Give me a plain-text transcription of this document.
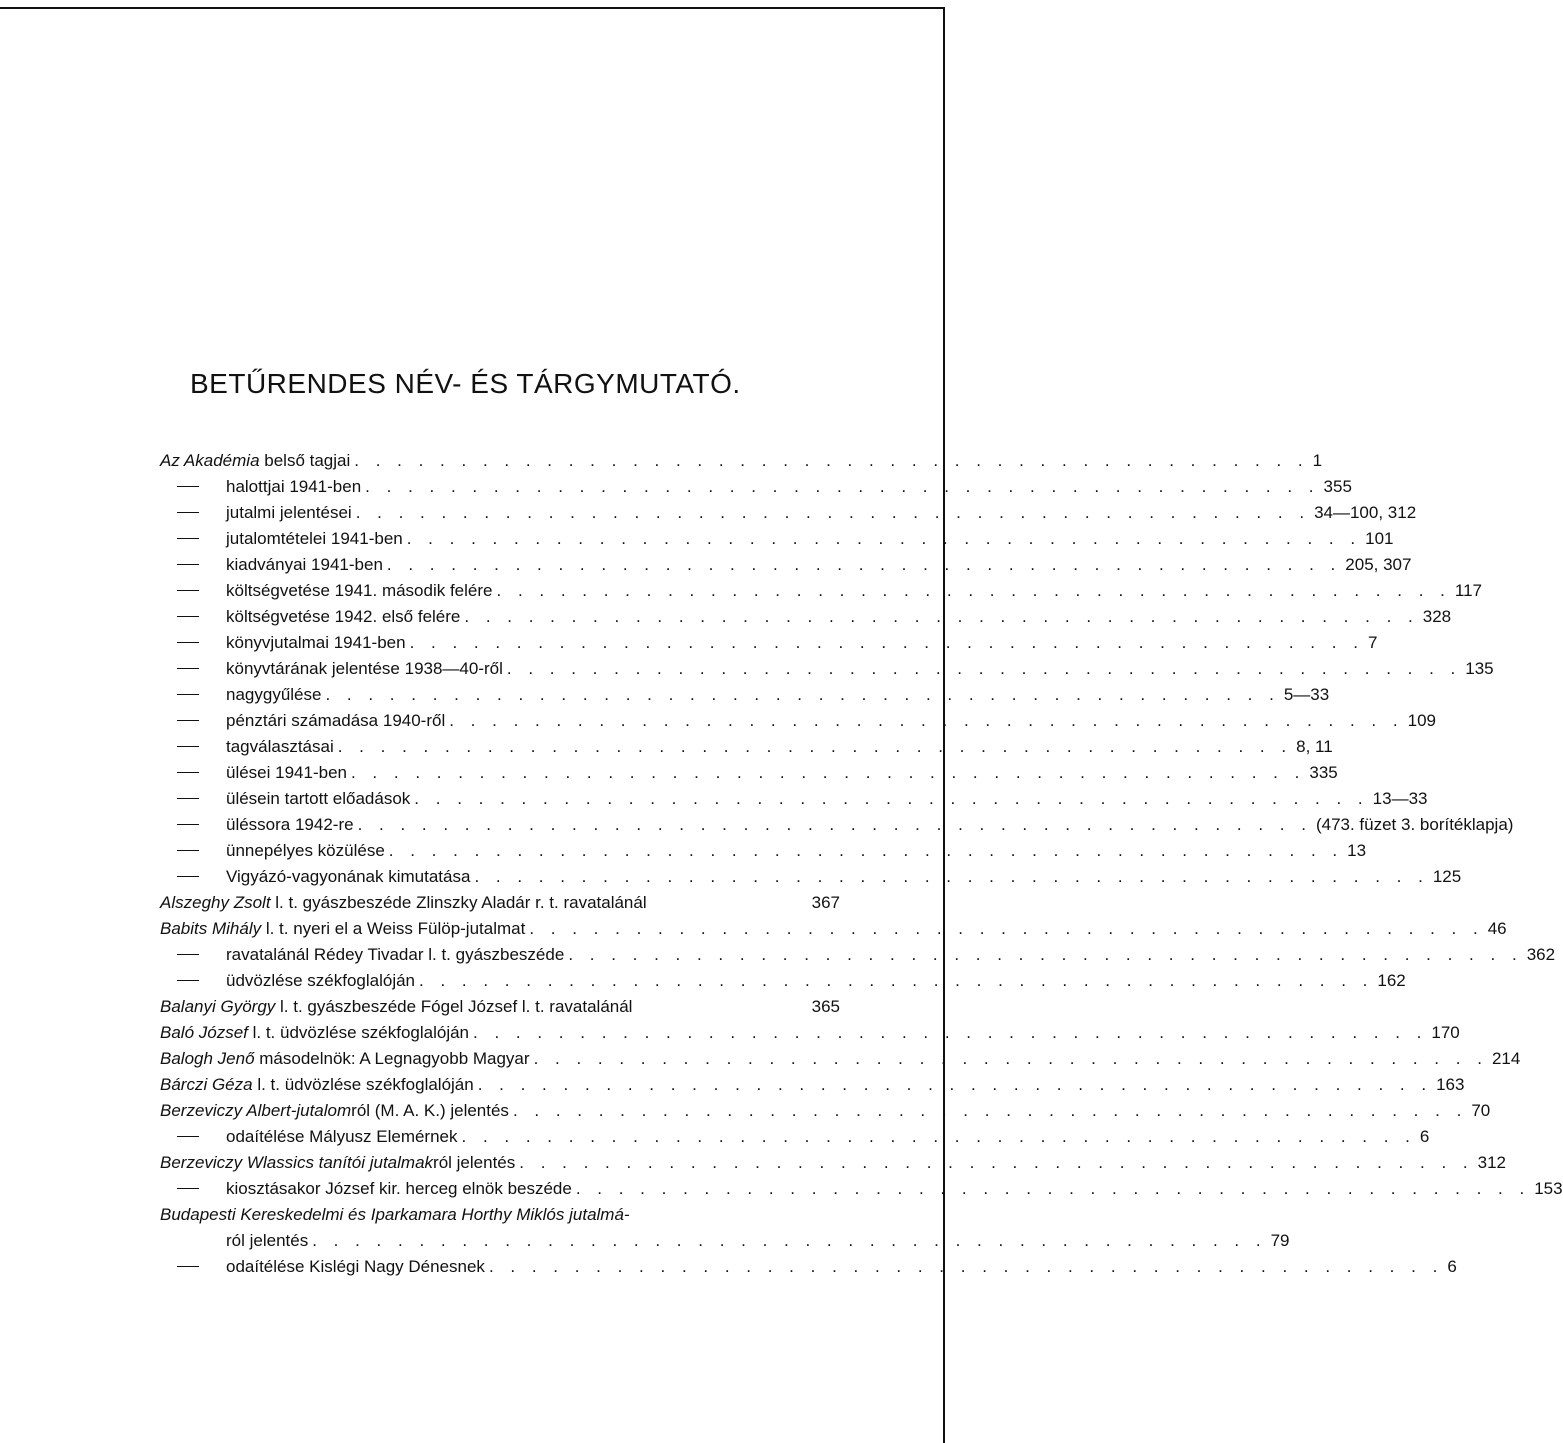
BETŰRENDES NÉV- ÉS TÁRGYMUTATÓ.
Az Akadémia belső tagjai . . . . . . . . . . . . . . . . . . . . . . . . . . . . . . . . . . . . . . . . . . . . . 1
halottjai 1941-ben . . . . . . . . . . . . . . . . . . . . . . . . . . . . . . . . . . . . . . . . . . . . . 355
jutalmi jelentései . . . . . . . . . . . . . . . . . . . . . . . . . . . . . . . . . . . . . . . . . . . . . 34—100, 312
jutalomtételei 1941-ben . . . . . . . . . . . . . . . . . . . . . . . . . . . . . . . . . . . . . . . . . . . . . 101
kiadványai 1941-ben . . . . . . . . . . . . . . . . . . . . . . . . . . . . . . . . . . . . . . . . . . . . . 205, 307
költségvetése 1941. második felére . . . . . . . . . . . . . . . . . . . . . . . . . . . . . . . . . . . . . . . . . . . . . 117
költségvetése 1942. első felére . . . . . . . . . . . . . . . . . . . . . . . . . . . . . . . . . . . . . . . . . . . . . 328
könyvjutalmai 1941-ben . . . . . . . . . . . . . . . . . . . . . . . . . . . . . . . . . . . . . . . . . . . . . 7
könyvtárának jelentése 1938—40-ről . . . . . . . . . . . . . . . . . . . . . . . . . . . . . . . . . . . . . . . . . . . . . 135
nagygyűlése . . . . . . . . . . . . . . . . . . . . . . . . . . . . . . . . . . . . . . . . . . . . . 5—33
pénztári számadása 1940-ről . . . . . . . . . . . . . . . . . . . . . . . . . . . . . . . . . . . . . . . . . . . . . 109
tagválasztásai . . . . . . . . . . . . . . . . . . . . . . . . . . . . . . . . . . . . . . . . . . . . . 8, 11
ülései 1941-ben . . . . . . . . . . . . . . . . . . . . . . . . . . . . . . . . . . . . . . . . . . . . . 335
ülésein tartott előadások . . . . . . . . . . . . . . . . . . . . . . . . . . . . . . . . . . . . . . . . . . . . . 13—33
üléssora 1942-re . . . . . . . . . . . . . . . . . . . . . . . . . . . . . . . . . . . . . . . . . . . . . (473. füzet 3. borítéklapja)
ünnepélyes közülése . . . . . . . . . . . . . . . . . . . . . . . . . . . . . . . . . . . . . . . . . . . . . 13
Vigyázó-vagyonának kimutatása . . . . . . . . . . . . . . . . . . . . . . . . . . . . . . . . . . . . . . . . . . . . . 125
Alszeghy Zsolt l. t. gyászbeszéde Zlinszky Aladár r. t. ravatalánál	367
Babits Mihály l. t. nyeri el a Weiss Fülöp-jutalmat . . . . . . . . . . . . . . . . . . . . . . . . . . . . . . . . . . . . . . . . . . . . . 46
ravatalánál Rédey Tivadar l. t. gyászbeszéde . . . . . . . . . . . . . . . . . . . . . . . . . . . . . . . . . . . . . . . . . . . . . 362
üdvözlése székfoglalóján . . . . . . . . . . . . . . . . . . . . . . . . . . . . . . . . . . . . . . . . . . . . . 162
Balanyi György l. t. gyászbeszéde Fógel József l. t. ravatalánál	365
Baló József l. t. üdvözlése székfoglalóján . . . . . . . . . . . . . . . . . . . . . . . . . . . . . . . . . . . . . . . . . . . . . 170
Balogh Jenő másodelnök: A Legnagyobb Magyar . . . . . . . . . . . . . . . . . . . . . . . . . . . . . . . . . . . . . . . . . . . . . 214
Bárczi Géza l. t. üdvözlése székfoglalóján . . . . . . . . . . . . . . . . . . . . . . . . . . . . . . . . . . . . . . . . . . . . . 163
Berzeviczy Albert-jutalom ról (M. A. K.) jelentés . . . . . . . . . . . . . . . . . . . . . . . . . . . . . . . . . . . . . . . . . . . . . 70
odaítélése Mályusz Elemérnek . . . . . . . . . . . . . . . . . . . . . . . . . . . . . . . . . . . . . . . . . . . . . 6
Berzeviczy Wlassics tanítói jutalmak ról jelentés . . . . . . . . . . . . . . . . . . . . . . . . . . . . . . . . . . . . . . . . . . . . . 312
kiosztásakor József kir. herceg elnök beszéde . . . . . . . . . . . . . . . . . . . . . . . . . . . . . . . . . . . . . . . . . . . . . 153
Budapesti Kereskedelmi és Iparkamara Horthy Miklós jutalmá-
ról jelentés . . . . . . . . . . . . . . . . . . . . . . . . . . . . . . . . . . . . . . . . . . . . . 79
odaítélése Kislégi Nagy Dénesnek . . . . . . . . . . . . . . . . . . . . . . . . . . . . . . . . . . . . . . . . . . . . . 6
